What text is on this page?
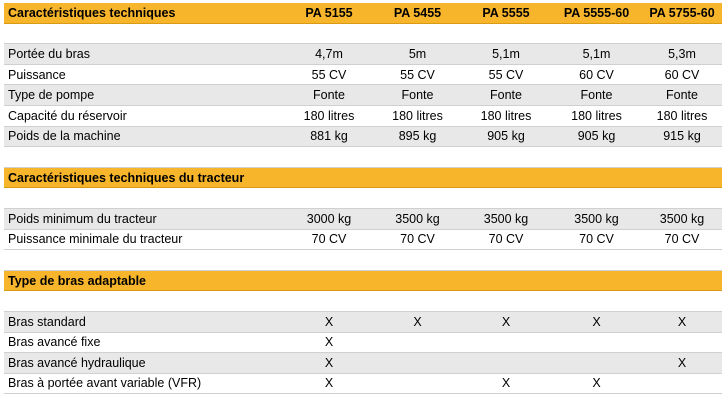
Caractéristiques techniques	PA 5155	PA 5455	PA 5555	PA 5555-60	PA 5755-60

Portée du bras	4,7m	5m	5,1m	5,1m	5,3m
Puissance	55 CV	55 CV	55 CV	60 CV	60 CV
Type de pompe	Fonte	Fonte	Fonte	Fonte	Fonte
Capacité du réservoir	180 litres	180 litres	180 litres	180 litres	180 litres
Poids de la machine	881 kg	895 kg	905 kg	905 kg	915 kg

Caractéristiques techniques du tracteur					

Poids minimum du tracteur	3000 kg	3500 kg	3500 kg	3500 kg	3500 kg
Puissance minimale du tracteur	70 CV	70 CV	70 CV	70 CV	70 CV

Type de bras adaptable					

Bras standard	X	X	X	X	X
Bras avancé fixe	X				
Bras avancé hydraulique	X				X
Bras à portée avant variable (VFR)	X		X	X	
